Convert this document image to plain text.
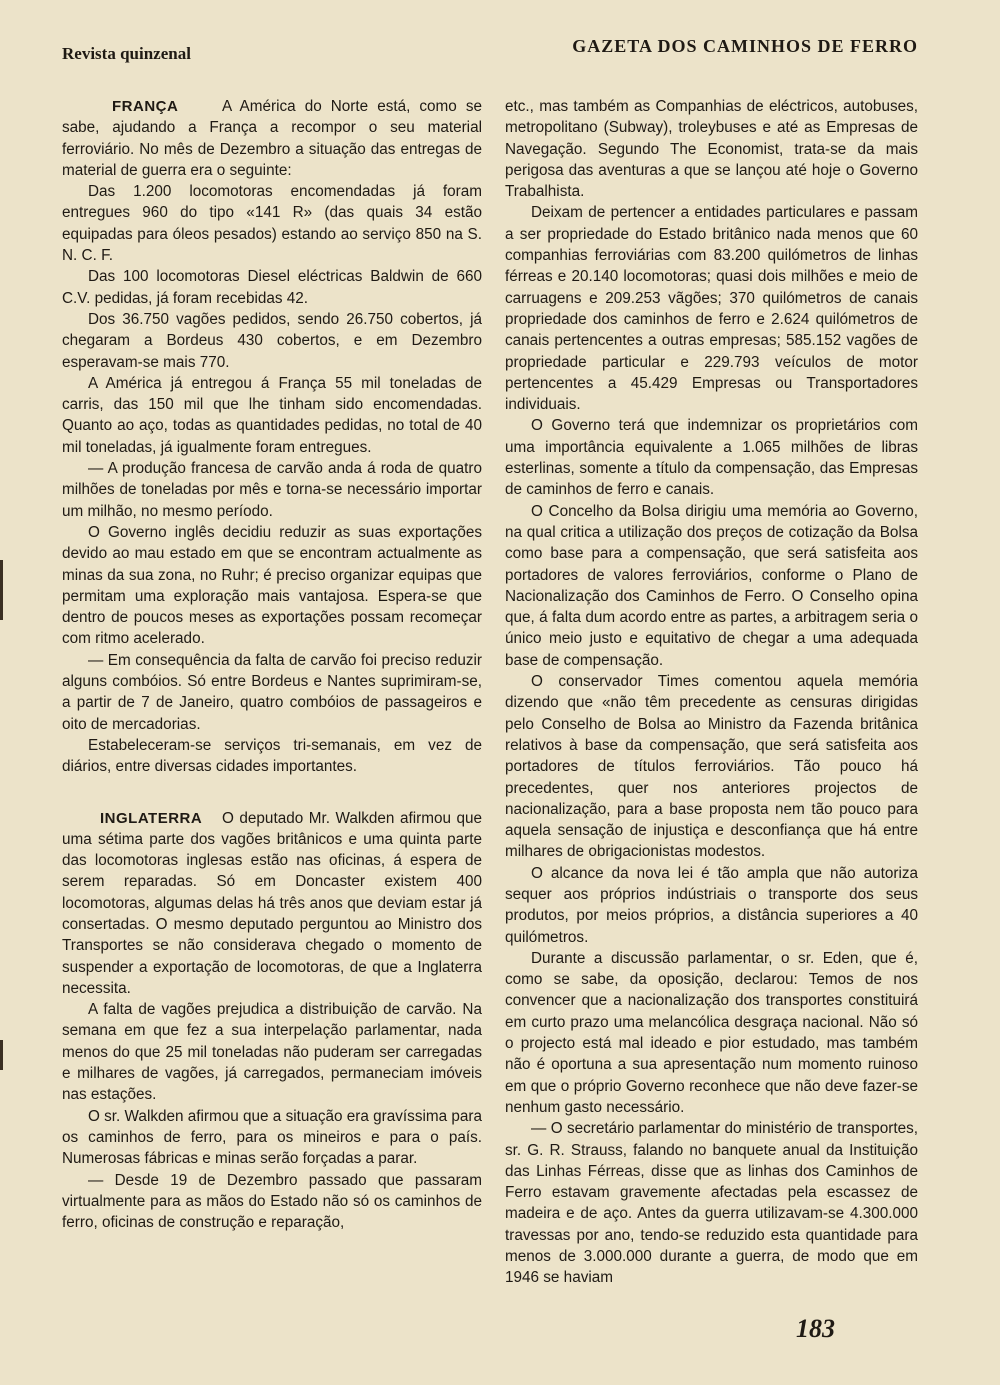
Revista quinzenal	GAZETA DOS CAMINHOS DE FERRO
FRANÇA	A América do Norte está, como se sabe, ajudando a França a recompor o seu material ferroviário. No mês de Dezembro a situação das entregas de material de guerra era o seguinte:

Das 1.200 locomotoras encomendadas já foram entregues 960 do tipo «141 R» (das quais 34 estão equipadas para óleos pesados) estando ao serviço 850 na S. N. C. F.

Das 100 locomotoras Diesel eléctricas Baldwin de 660 C.V. pedidas, já foram recebidas 42.

Dos 36.750 vagões pedidos, sendo 26.750 cobertos, já chegaram a Bordeus 430 cobertos, e em Dezembro esperavam-se mais 770.

A América já entregou á França 55 mil toneladas de carris, das 150 mil que lhe tinham sido encomendadas. Quanto ao aço, todas as quantidades pedidas, no total de 40 mil toneladas, já igualmente foram entregues.

— A produção francesa de carvão anda á roda de quatro milhões de toneladas por mês e torna-se necessário importar um milhão, no mesmo período.

O Governo inglês decidiu reduzir as suas exportações devido ao mau estado em que se encontram actualmente as minas da sua zona, no Ruhr; é preciso organizar equipas que permitam uma exploração mais vantajosa. Espera-se que dentro de poucos meses as exportações possam recomeçar com ritmo acelerado.

— Em consequência da falta de carvão foi preciso reduzir alguns combóios. Só entre Bordeus e Nantes suprimiram-se, a partir de 7 de Janeiro, quatro combóios de passageiros e oito de mercadorias.

Estabeleceram-se serviços tri-semanais, em vez de diários, entre diversas cidades importantes.

INGLATERRA	O deputado Mr. Walkden afirmou que uma sétima parte dos vagões britânicos e uma quinta parte das locomotoras inglesas estão nas oficinas, á espera de serem reparadas. Só em Doncaster existem 400 locomotoras, algumas delas há três anos que deviam estar já consertadas. O mesmo deputado perguntou ao Ministro dos Transportes se não considerava chegado o momento de suspender a exportação de locomotoras, de que a Inglaterra necessita.

A falta de vagões prejudica a distribuição de carvão. Na semana em que fez a sua interpelação parlamentar, nada menos do que 25 mil toneladas não puderam ser carregadas e milhares de vagões, já carregados, permaneciam imóveis nas estações.

O sr. Walkden afirmou que a situação era gravíssima para os caminhos de ferro, para os mineiros e para o país. Numerosas fábricas e minas serão forçadas a parar.

— Desde 19 de Dezembro passado que passaram virtualmente para as mãos do Estado não só os caminhos de ferro, oficinas de construção e reparação,

etc., mas também as Companhias de eléctricos, autobuses, metropolitano (Subway), troleybuses e até as Empresas de Navegação. Segundo The Economist, trata-se da mais perigosa das aventuras a que se lançou até hoje o Governo Trabalhista.

Deixam de pertencer a entidades particulares e passam a ser propriedade do Estado britânico nada menos que 60 companhias ferroviárias com 83.200 quilómetros de linhas férreas e 20.140 locomotoras; quasi dois milhões e meio de carruagens e 209.253 vãgões; 370 quilómetros de canais propriedade dos caminhos de ferro e 2.624 quilómetros de canais pertencentes a outras empresas; 585.152 vagões de propriedade particular e 229.793 veículos de motor pertencentes a 45.429 Empresas ou Transportadores individuais.

O Governo terá que indemnizar os proprietários com uma importância equivalente a 1.065 milhões de libras esterlinas, somente a título da compensação, das Empresas de caminhos de ferro e canais.

O Concelho da Bolsa dirigiu uma memória ao Governo, na qual critica a utilização dos preços de cotização da Bolsa como base para a compensação, que será satisfeita aos portadores de valores ferroviários, conforme o Plano de Nacionalização dos Caminhos de Ferro. O Conselho opina que, á falta dum acordo entre as partes, a arbitragem seria o único meio justo e equitativo de chegar a uma adequada base de compensação.

O conservador Times comentou aquela memória dizendo que «não têm precedente as censuras dirigidas pelo Conselho de Bolsa ao Ministro da Fazenda britânica relativos à base da compensação, que será satisfeita aos portadores de títulos ferroviários. Tão pouco há precedentes, quer nos anteriores projectos de nacionalização, para a base proposta nem tão pouco para aquela sensação de injustiça e desconfiança que há entre milhares de obrigacionistas modestos.

O alcance da nova lei é tão ampla que não autoriza sequer aos próprios indústriais o transporte dos seus produtos, por meios próprios, a distância superiores a 40 quilómetros.

Durante a discussão parlamentar, o sr. Eden, que é, como se sabe, da oposição, declarou: Temos de nos convencer que a nacionalização dos transportes constituirá em curto prazo uma melancólica desgraça nacional. Não só o projecto está mal ideado e pior estudado, mas também não é oportuna a sua apresentação num momento ruinoso em que o próprio Governo reconhece que não deve fazer-se nenhum gasto necessário.

— O secretário parlamentar do ministério de transportes, sr. G. R. Strauss, falando no banquete anual da Instituição das Linhas Férreas, disse que as linhas dos Caminhos de Ferro estavam gravemente afectadas pela escassez de madeira e de aço. Antes da guerra utilizavam-se 4.300.000 travessas por ano, tendo-se reduzido esta quantidade para menos de 3.000.000 durante a guerra, de modo que em 1946 se haviam

183
